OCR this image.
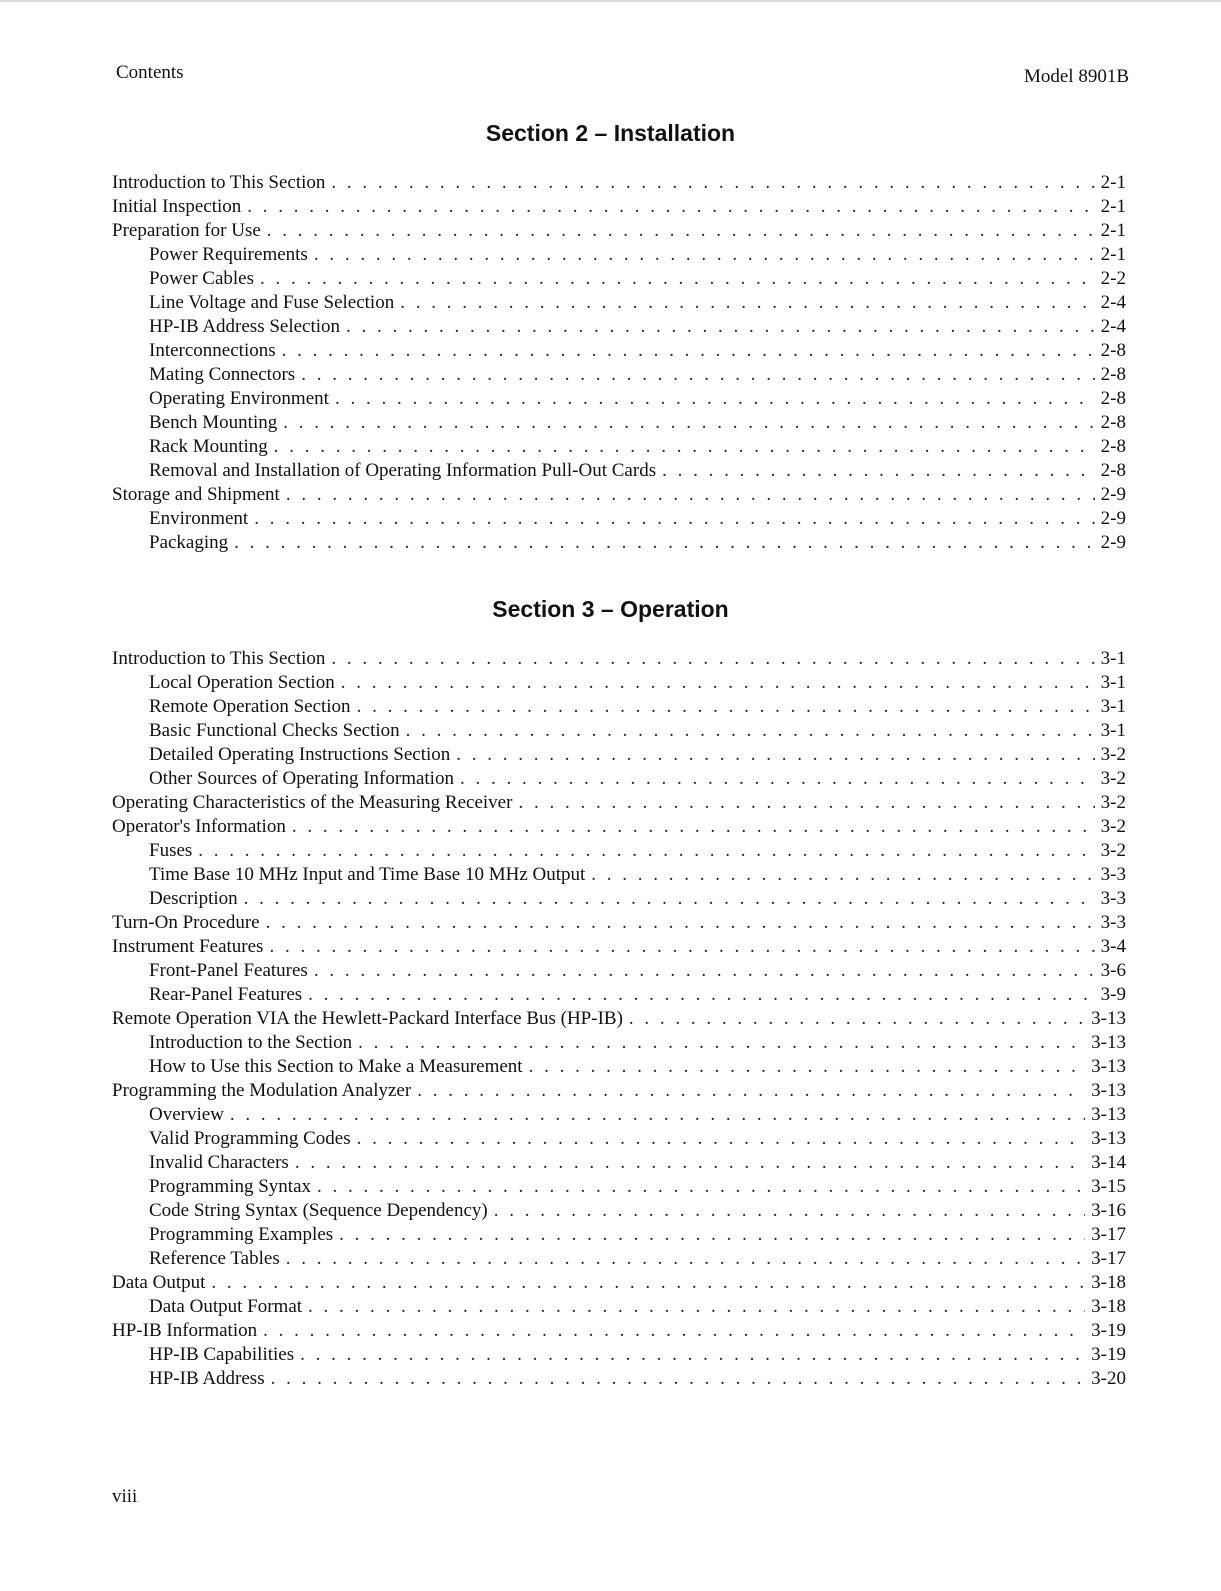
Contents	Model 8901B
Section 2 – Installation
Introduction to This Section . . .	2-1
Initial Inspection . . .	2-1
Preparation for Use . . .	2-1
Power Requirements . . .	2-1
Power Cables . . .	2-2
Line Voltage and Fuse Selection . . .	2-4
HP-IB Address Selection . . .	2-4
Interconnections . . .	2-8
Mating Connectors . . .	2-8
Operating Environment . . .	2-8
Bench Mounting . . .	2-8
Rack Mounting . . .	2-8
Removal and Installation of Operating Information Pull-Out Cards . . .	2-8
Storage and Shipment . . .	2-9
Environment . . .	2-9
Packaging . . .	2-9
Section 3 – Operation
Introduction to This Section . . .	3-1
Local Operation Section . . .	3-1
Remote Operation Section . . .	3-1
Basic Functional Checks Section . . .	3-1
Detailed Operating Instructions Section . . .	3-2
Other Sources of Operating Information . . .	3-2
Operating Characteristics of the Measuring Receiver . . .	3-2
Operator's Information . . .	3-2
Fuses . . .	3-2
Time Base 10 MHz Input and Time Base 10 MHz Output . . .	3-3
Description . . .	3-3
Turn-On Procedure . . .	3-3
Instrument Features . . .	3-4
Front-Panel Features . . .	3-6
Rear-Panel Features . . .	3-9
Remote Operation VIA the Hewlett-Packard Interface Bus (HP-IB) . . .	3-13
Introduction to the Section . . .	3-13
How to Use this Section to Make a Measurement . . .	3-13
Programming the Modulation Analyzer . . .	3-13
Overview . . .	3-13
Valid Programming Codes . . .	3-13
Invalid Characters . . .	3-14
Programming Syntax . . .	3-15
Code String Syntax (Sequence Dependency) . . .	3-16
Programming Examples . . .	3-17
Reference Tables . . .	3-17
Data Output . . .	3-18
Data Output Format . . .	3-18
HP-IB Information . . .	3-19
HP-IB Capabilities . . .	3-19
HP-IB Address . . .	3-20
viii
